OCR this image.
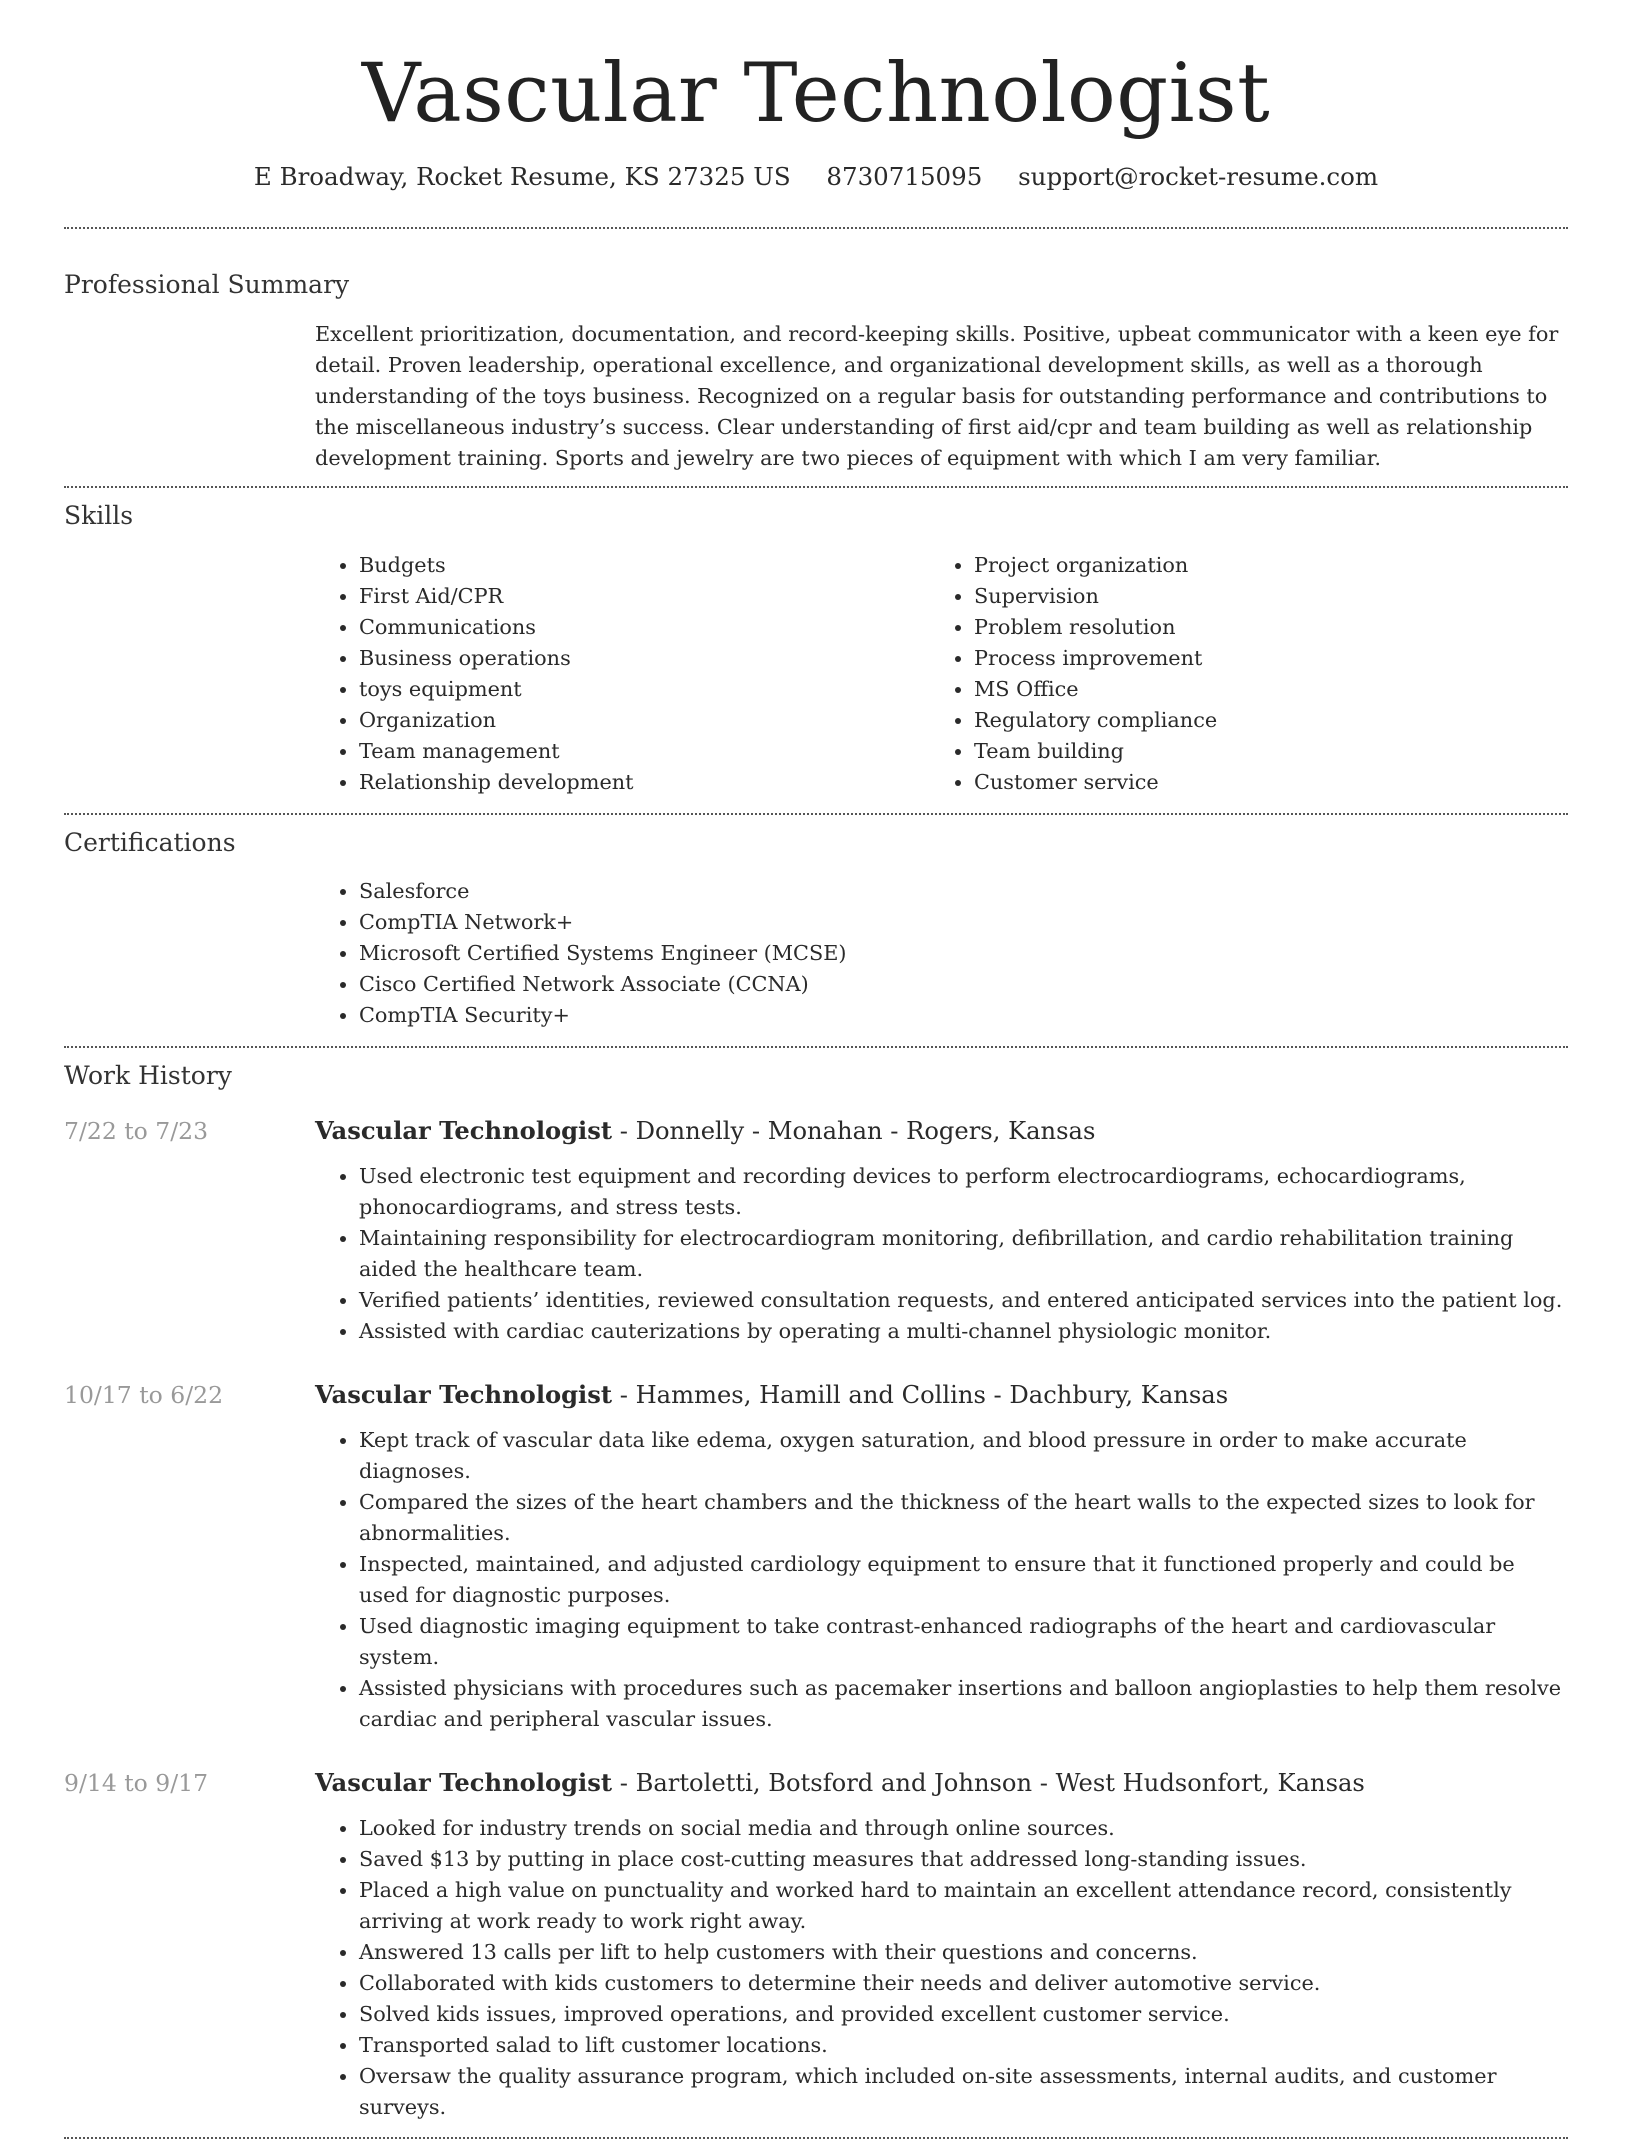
Vascular Technologist
E Broadway, Rocket Resume, KS 27325 US 8730715095 support@rocket-resume.com
Professional Summary

Excellent prioritization, documentation, and record-keeping skills. Positive, upbeat communicator with a keen eye for detail. Proven leadership, operational excellence, and organizational development skills, as well as a thorough understanding of the toys business. Recognized on a regular basis for outstanding performance and contributions to the miscellaneous industry’s success. Clear understanding of first aid/cpr and team building as well as relationship development training. Sports and jewelry are two pieces of equipment with which I am very familiar.

Skills
• Budgets
• First Aid/CPR
• Communications
• Business operations
• toys equipment
• Organization
• Team management
• Relationship development
• Project organization
• Supervision
• Problem resolution
• Process improvement
• MS Office
• Regulatory compliance
• Team building
• Customer service
Certifications
• Salesforce
• CompTIA Network+
• Microsoft Certified Systems Engineer (MCSE)
• Cisco Certified Network Associate (CCNA)
• CompTIA Security+
Work History
7/22 to 7/23	Vascular Technologist - Donnelly - Monahan - Rogers, Kansas

• Used electronic test equipment and recording devices to perform electrocardiograms, echocardiograms, phonocardiograms, and stress tests.
• Maintaining responsibility for electrocardiogram monitoring, defibrillation, and cardio rehabilitation training aided the healthcare team.
• Verified patients’ identities, reviewed consultation requests, and entered anticipated services into the patient log.
• Assisted with cardiac cauterizations by operating a multi-channel physiologic monitor.
10/17 to 6/22	Vascular Technologist - Hammes, Hamill and Collins - Dachbury, Kansas

• Kept track of vascular data like edema, oxygen saturation, and blood pressure in order to make accurate diagnoses.
• Compared the sizes of the heart chambers and the thickness of the heart walls to the expected sizes to look for abnormalities.
• Inspected, maintained, and adjusted cardiology equipment to ensure that it functioned properly and could be used for diagnostic purposes.
• Used diagnostic imaging equipment to take contrast-enhanced radiographs of the heart and cardiovascular system.
• Assisted physicians with procedures such as pacemaker insertions and balloon angioplasties to help them resolve cardiac and peripheral vascular issues.
9/14 to 9/17	Vascular Technologist - Bartoletti, Botsford and Johnson - West Hudsonfort, Kansas

• Looked for industry trends on social media and through online sources.
• Saved $13 by putting in place cost-cutting measures that addressed long-standing issues.
• Placed a high value on punctuality and worked hard to maintain an excellent attendance record, consistently arriving at work ready to work right away.
• Answered 13 calls per lift to help customers with their questions and concerns.
• Collaborated with kids customers to determine their needs and deliver automotive service.
• Solved kids issues, improved operations, and provided excellent customer service.
• Transported salad to lift customer locations.
• Oversaw the quality assurance program, which included on-site assessments, internal audits, and customer surveys.
